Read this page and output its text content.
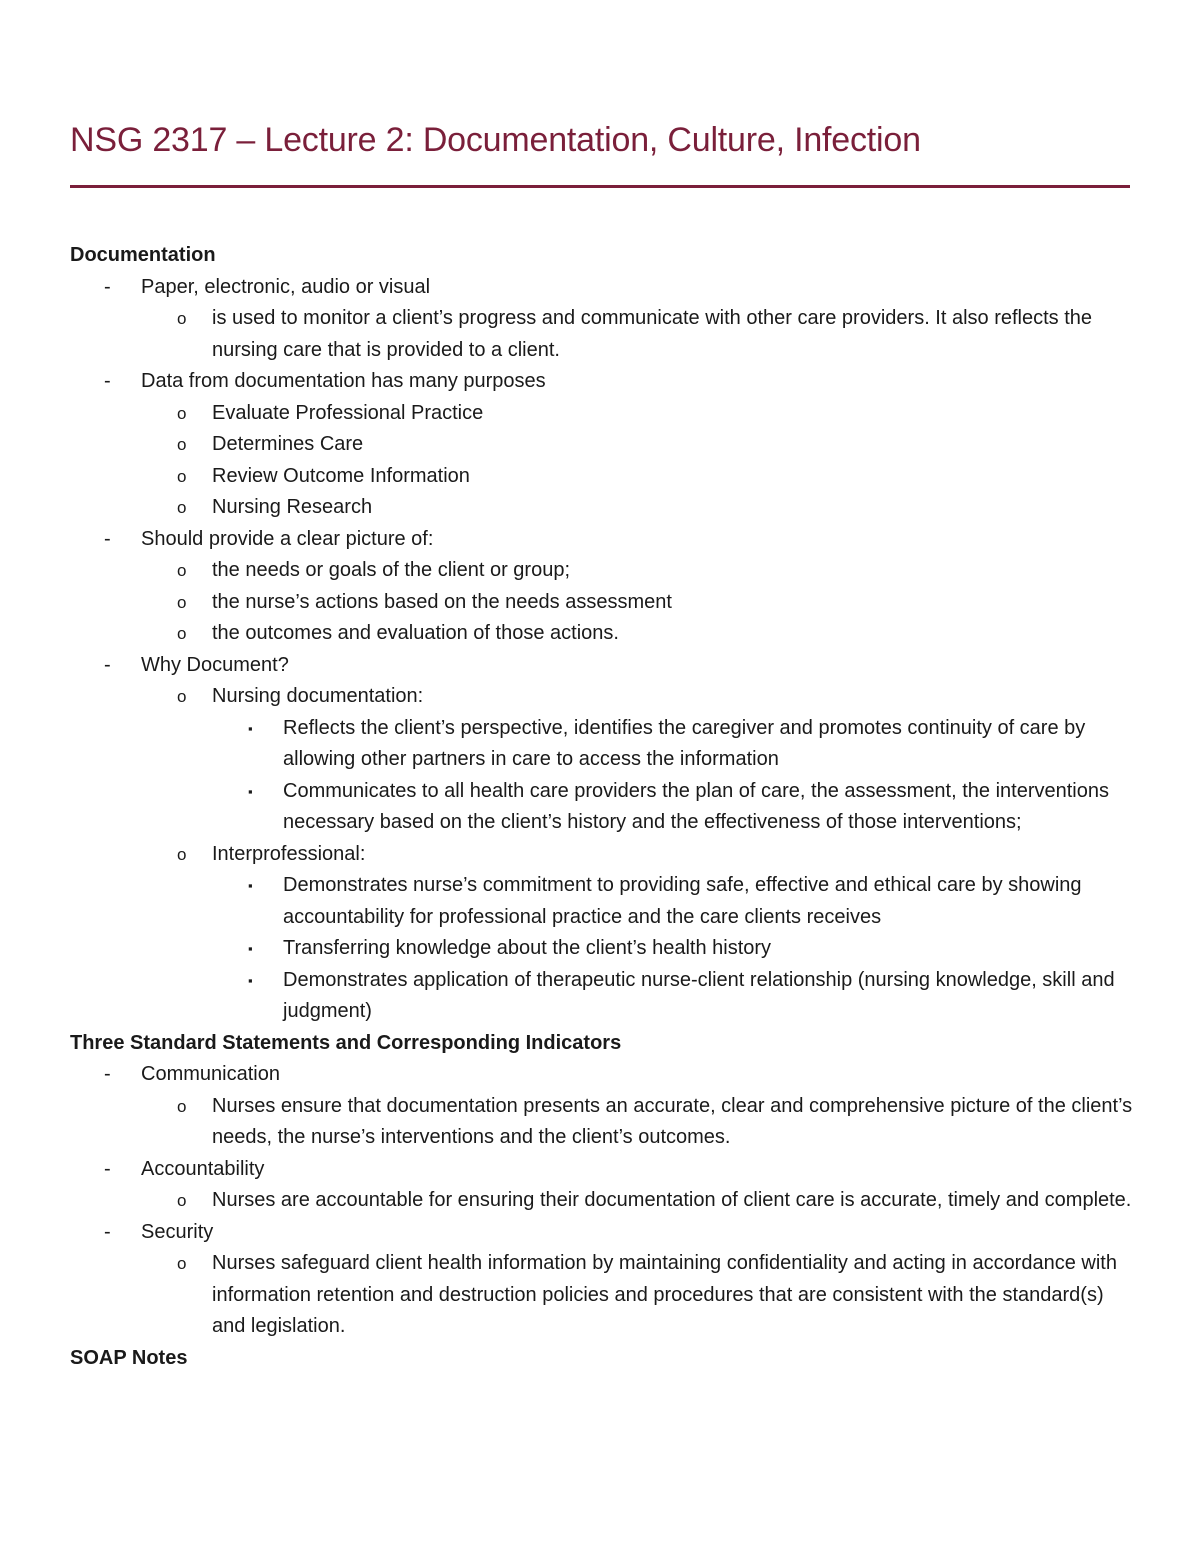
NSG 2317 – Lecture 2: Documentation, Culture, Infection
Documentation
-	Paper, electronic, audio or visual
o	is used to monitor a client’s progress and communicate with other care providers. It also reflects the nursing care that is provided to a client.
-	Data from documentation has many purposes
o	Evaluate Professional Practice
o	Determines Care
o	Review Outcome Information
o	Nursing Research
-	Should provide a clear picture of:
o	the needs or goals of the client or group;
o	the nurse’s actions based on the needs assessment
o	the outcomes and evaluation of those actions.
-	Why Document?
o	Nursing documentation:
▪	Reflects the client’s perspective, identifies the caregiver and promotes continuity of care by allowing other partners in care to access the information
▪	Communicates to all health care providers the plan of care, the assessment, the interventions necessary based on the client’s history and the effectiveness of those interventions;
o	Interprofessional:
▪	Demonstrates nurse’s commitment to providing safe, effective and ethical care by showing accountability for professional practice and the care clients receives
▪	Transferring knowledge about the client’s health history
▪	Demonstrates application of therapeutic nurse-client relationship (nursing knowledge, skill and judgment)
Three Standard Statements and Corresponding Indicators
-	Communication
o	Nurses ensure that documentation presents an accurate, clear and comprehensive picture of the client’s needs, the nurse’s interventions and the client’s outcomes.
-	Accountability
o	Nurses are accountable for ensuring their documentation of client care is accurate, timely and complete.
-	Security
o	Nurses safeguard client health information by maintaining confidentiality and acting in accordance with information retention and destruction policies and procedures that are consistent with the standard(s) and legislation.
SOAP Notes
